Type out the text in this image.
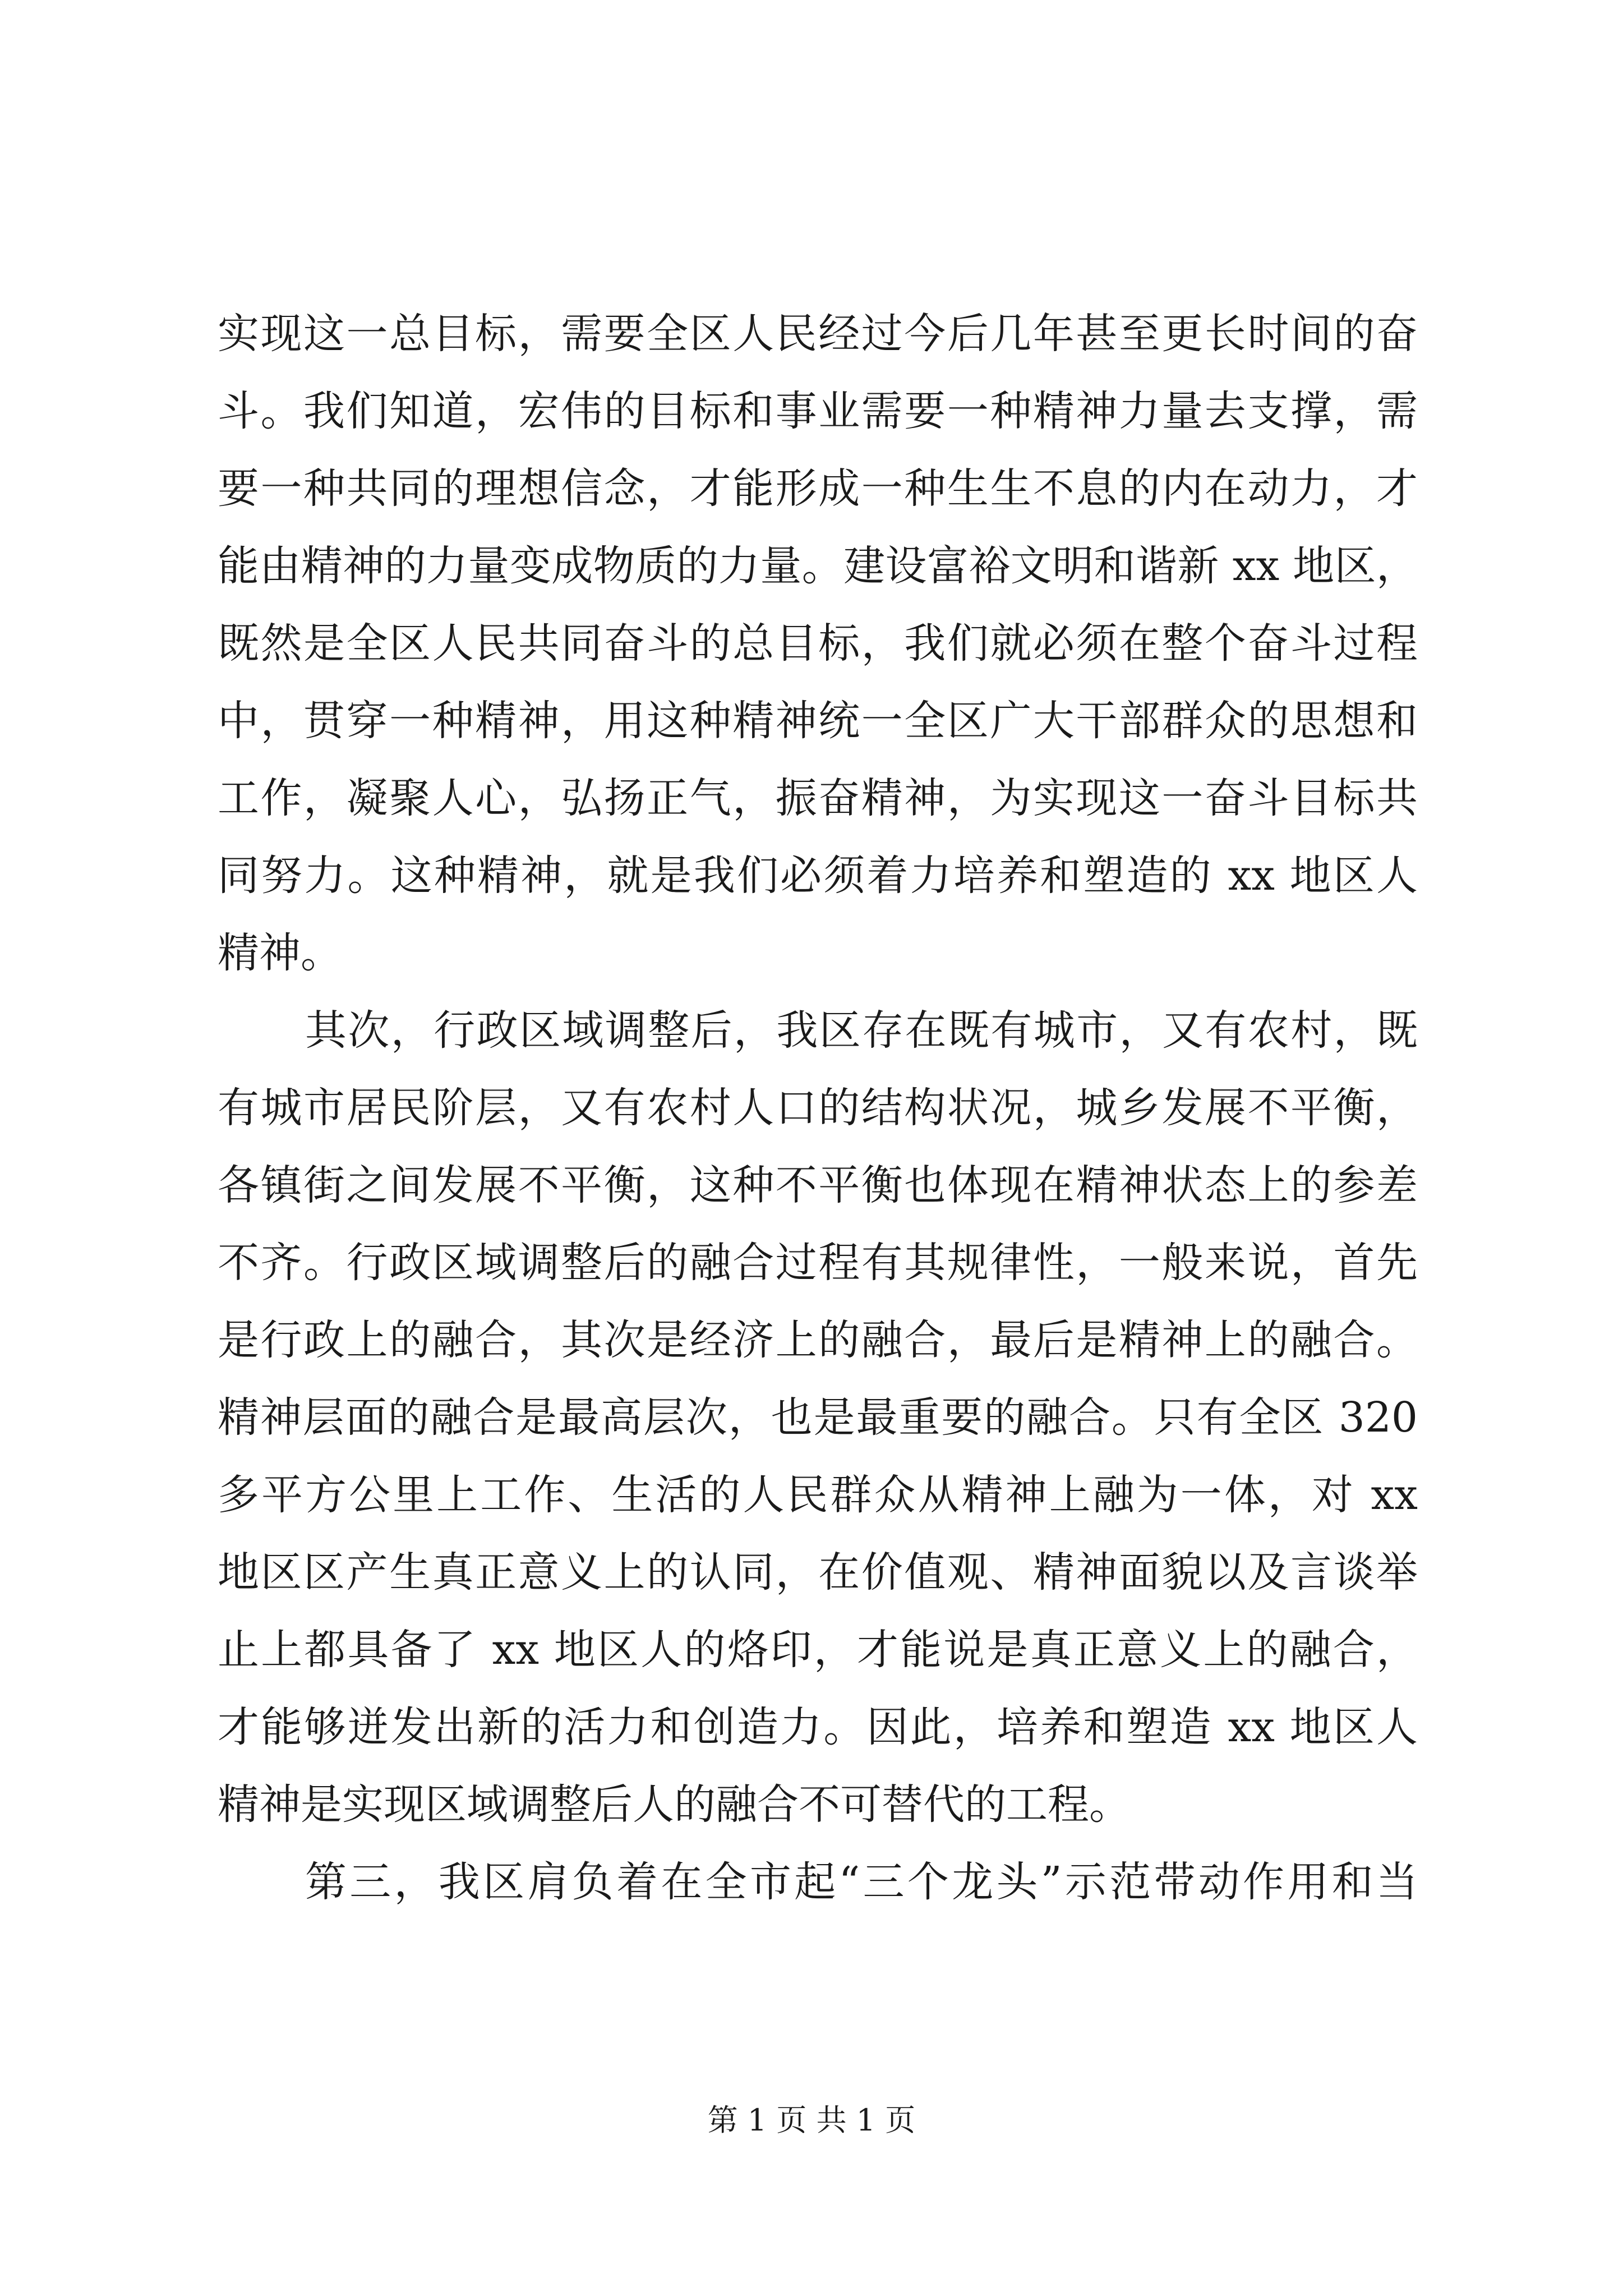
实现这一总目标，需要全区人民经过今后几年甚至更长时间的奋
斗。我们知道，宏伟的目标和事业需要一种精神力量去支撑，需
要一种共同的理想信念，才能形成一种生生不息的内在动力，才
能由精神的力量变成物质的力量。建设富裕文明和谐新 xx 地区，
既然是全区人民共同奋斗的总目标，我们就必须在整个奋斗过程
中，贯穿一种精神，用这种精神统一全区广大干部群众的思想和
工作，凝聚人心，弘扬正气，振奋精神，为实现这一奋斗目标共
同努力。这种精神，就是我们必须着力培养和塑造的 xx 地区人
精神。
其次，行政区域调整后，我区存在既有城市，又有农村，既
有城市居民阶层，又有农村人口的结构状况，城乡发展不平衡，
各镇街之间发展不平衡，这种不平衡也体现在精神状态上的参差
不齐。行政区域调整后的融合过程有其规律性，一般来说，首先
是行政上的融合，其次是经济上的融合，最后是精神上的融合。
精神层面的融合是最高层次，也是最重要的融合。只有全区 320
多平方公里上工作、生活的人民群众从精神上融为一体，对 xx
地区区产生真正意义上的认同，在价值观、精神面貌以及言谈举
止上都具备了 xx 地区人的烙印，才能说是真正意义上的融合，
才能够迸发出新的活力和创造力。因此，培养和塑造 xx 地区人
精神是实现区域调整后人的融合不可替代的工程。
第三，我区肩负着在全市起“三个龙头”示范带动作用和当
第 1 页 共 1 页
